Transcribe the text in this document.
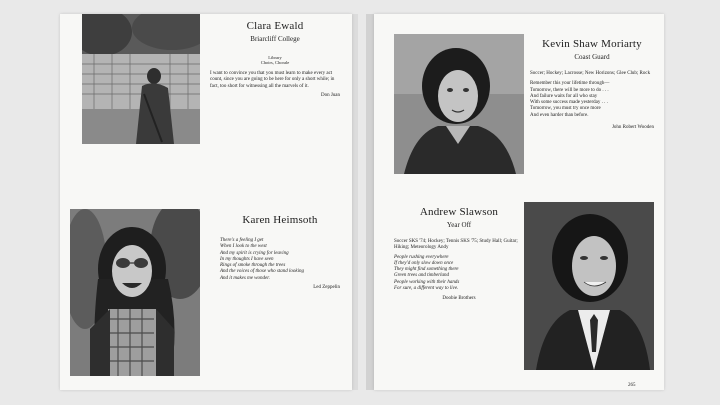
Clara Ewald
Briarcliff College
Library
Choirs, Chorale
I want to convince you that you must learn to make every act count, since you are going to be here for only a short while; in fact, too short for witnessing all the marvels of it.
Don Juan
Karen Heimsoth
There's a feeling I get
When I look to the west
And my spirit is crying for leaving
In my thoughts I have seen
Rings of smoke through the trees
And the voices of those who stand looking
And it makes me wonder.
Led Zeppelin
Kevin Shaw Moriarty
Coast Guard
Soccer; Hockey; Lacrosse; New Horizons; Glee Club; Rock
Remember this your lifetime through—
Tomorrow, there will be more to do . . .
And failure waits for all who stay
With some success made yesterday . . .
Tomorrow, you must try once more
And even harder than before.
John Robert Wooden
Andrew Slawson
Year Off
Soccer SKS '74; Hockey; Tennis SKS '75; Study Hall; Guitar; Hiking; Meteorology Andy
People rushing everywhere
If they'd only slow down once
They might find something there
Green trees and timberland
People working with their hands
For sure, a different way to live.
Doobie Brothers
265
